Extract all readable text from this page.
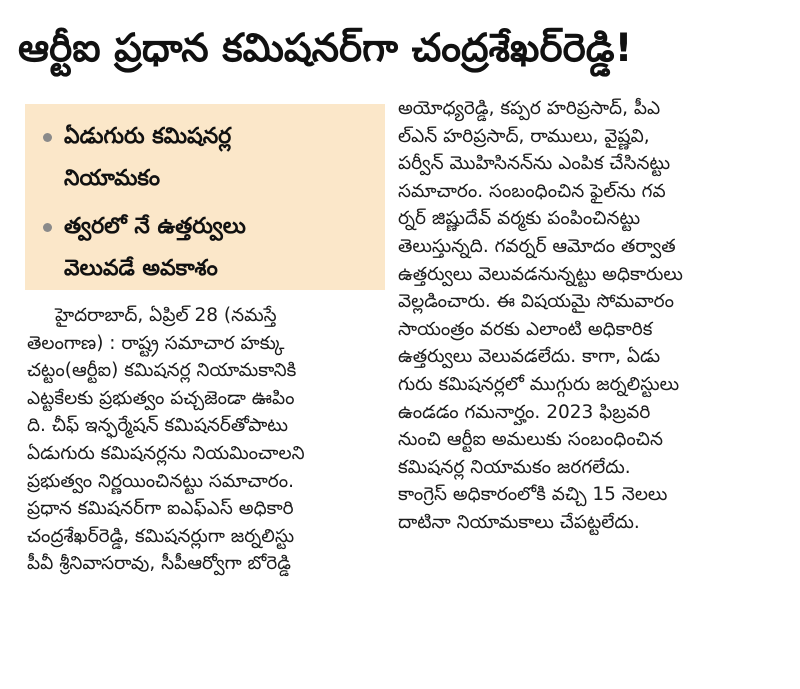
ఆర్టీఐ ప్రధాన కమిషనర్‌గా చంద్రశేఖర్‌రెడ్డి!
ఏడుగురు కమిషనర్ల
నియామకం
త్వరలో నే ఉత్తర్వులు
వెలువడే అవకాశం
హైదరాబాద్, ఏప్రిల్ 28 (నమస్తే
తెలంగాణ) : రాష్ట్ర సమాచార హక్కు
చట్టం(ఆర్టీఐ) కమిషనర్ల నియామకానికి
ఎట్టకేలకు ప్రభుత్వం పచ్చజెండా ఊపిం
ది. చీఫ్ ఇన్ఫర్మేషన్ కమిషనర్‌తోపాటు
ఏడుగురు కమిషనర్లను నియమించాలని
ప్రభుత్వం నిర్ణయించినట్టు సమాచారం.
ప్రధాన కమిషనర్‌గా ఐఎఫ్ఎస్ అధికారి
చంద్రశేఖర్‌రెడ్డి, కమిషనర్లుగా జర్నలిస్టు
పీవీ శ్రీనివాసరావు, సీపీఆర్వోగా బోరెడ్డి
అయోధ్యరెడ్డి, కప్పర హరిప్రసాద్, పీఎ
ల్ఎన్ హరిప్రసాద్, రాములు, వైష్ణవి,
పర్వీన్ మొహిసినన్‌ను ఎంపిక చేసినట్టు
సమాచారం. సంబంధించిన ఫైల్‌ను గవ
ర్నర్ జిష్ణుదేవ్ వర్మకు పంపించినట్టు
తెలుస్తున్నది. గవర్నర్ ఆమోదం తర్వాత
ఉత్తర్వులు వెలువడనున్నట్టు అధికారులు
వెల్లడించారు. ఈ విషయమై సోమవారం
సాయంత్రం వరకు ఎలాంటి అధికారిక
ఉత్తర్వులు వెలువడలేదు. కాగా, ఏడు
గురు కమిషనర్లలో ముగ్గురు జర్నలిస్టులు
ఉండడం గమనార్హం. 2023 ఫిబ్రవరి
నుంచి ఆర్టీఐ అమలుకు సంబంధించిన
కమిషనర్ల నియామకం జరగలేదు.
కాంగ్రెస్ అధికారంలోకి వచ్చి 15 నెలలు
దాటినా నియామకాలు చేపట్టలేదు.
